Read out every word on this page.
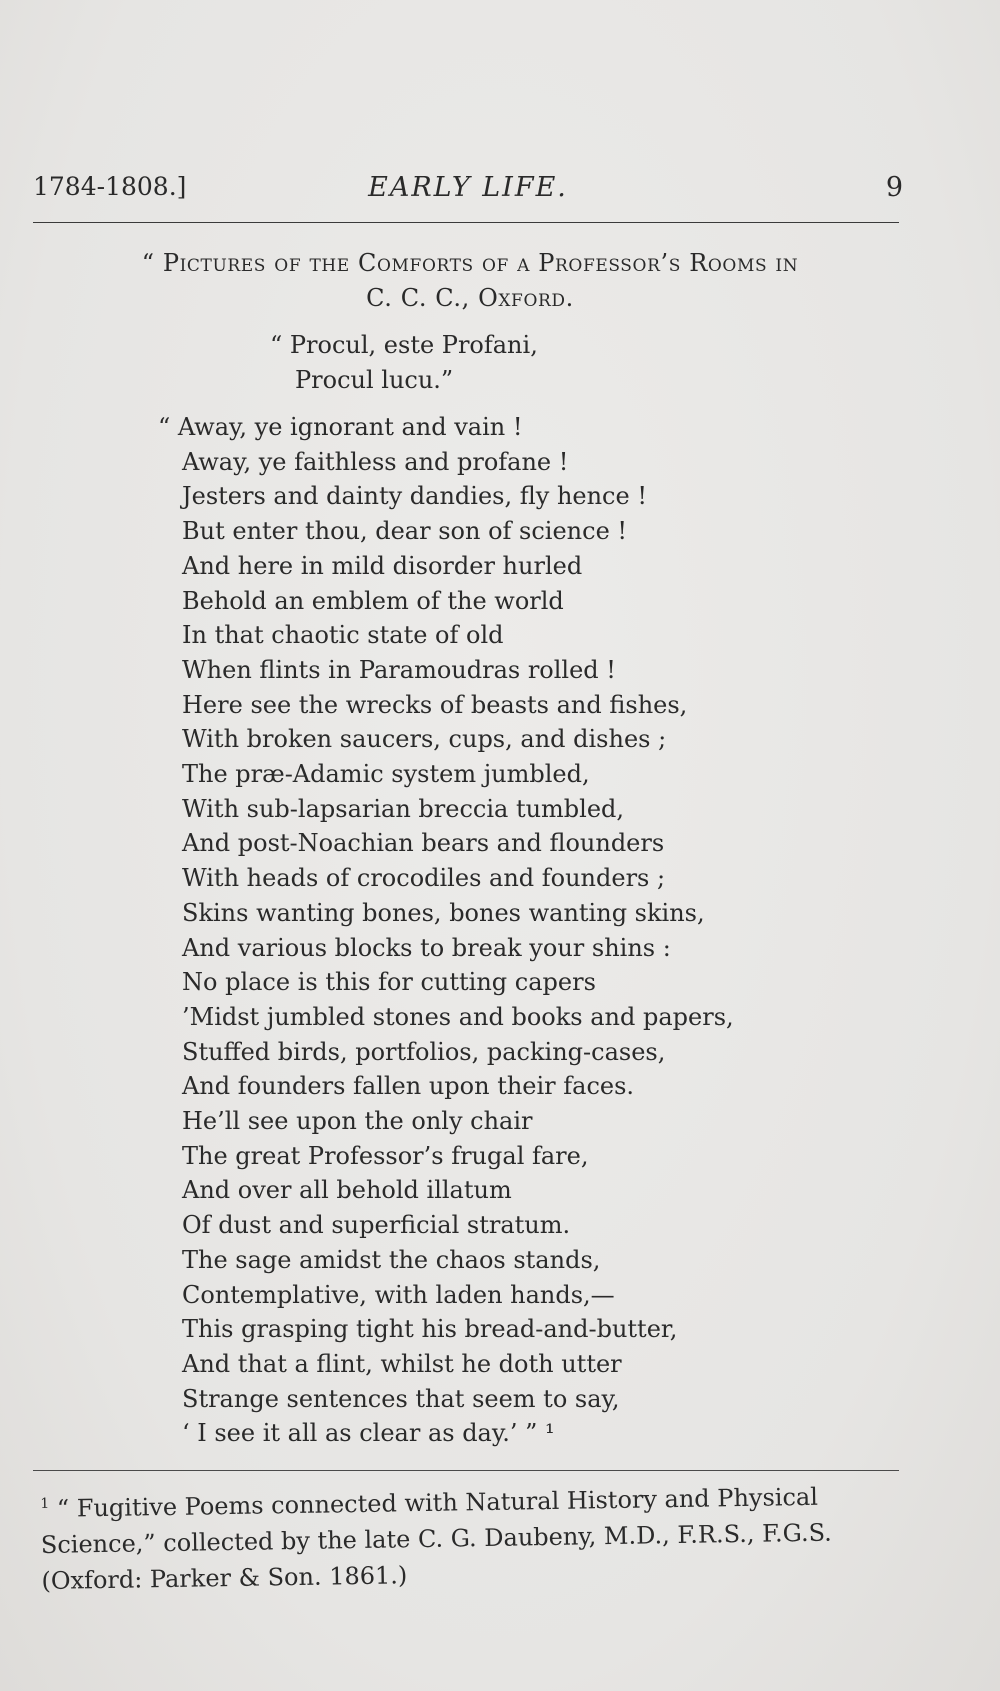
1784-1808.]	EARLY LIFE.	9
“ Pictures of the Comforts of a Professor’s Rooms in
C. C. C., Oxford.
“ Procul, este Profani,
Procul lucu.”
“ Away, ye ignorant and vain !
Away, ye faithless and profane !
Jesters and dainty dandies, fly hence !
But enter thou, dear son of science !
And here in mild disorder hurled
Behold an emblem of the world
In that chaotic state of old
When flints in Paramoudras rolled !
Here see the wrecks of beasts and fishes,
With broken saucers, cups, and dishes ;
The præ-Adamic system jumbled,
With sub-lapsarian breccia tumbled,
And post-Noachian bears and flounders
With heads of crocodiles and founders ;
Skins wanting bones, bones wanting skins,
And various blocks to break your shins :
No place is this for cutting capers
’Midst jumbled stones and books and papers,
Stuffed birds, portfolios, packing-cases,
And founders fallen upon their faces.
He’ll see upon the only chair
The great Professor’s frugal fare,
And over all behold illatum
Of dust and superficial stratum.
The sage amidst the chaos stands,
Contemplative, with laden hands,—
This grasping tight his bread-and-butter,
And that a flint, whilst he doth utter
Strange sentences that seem to say,
‘ I see it all as clear as day.’ ” ¹
$^1$ “ Fugitive Poems connected with Natural History and Physical
Science,” collected by the late C. G. Daubeny, M.D., F.R.S., F.G.S.
(Oxford: Parker & Son. 1861.)
